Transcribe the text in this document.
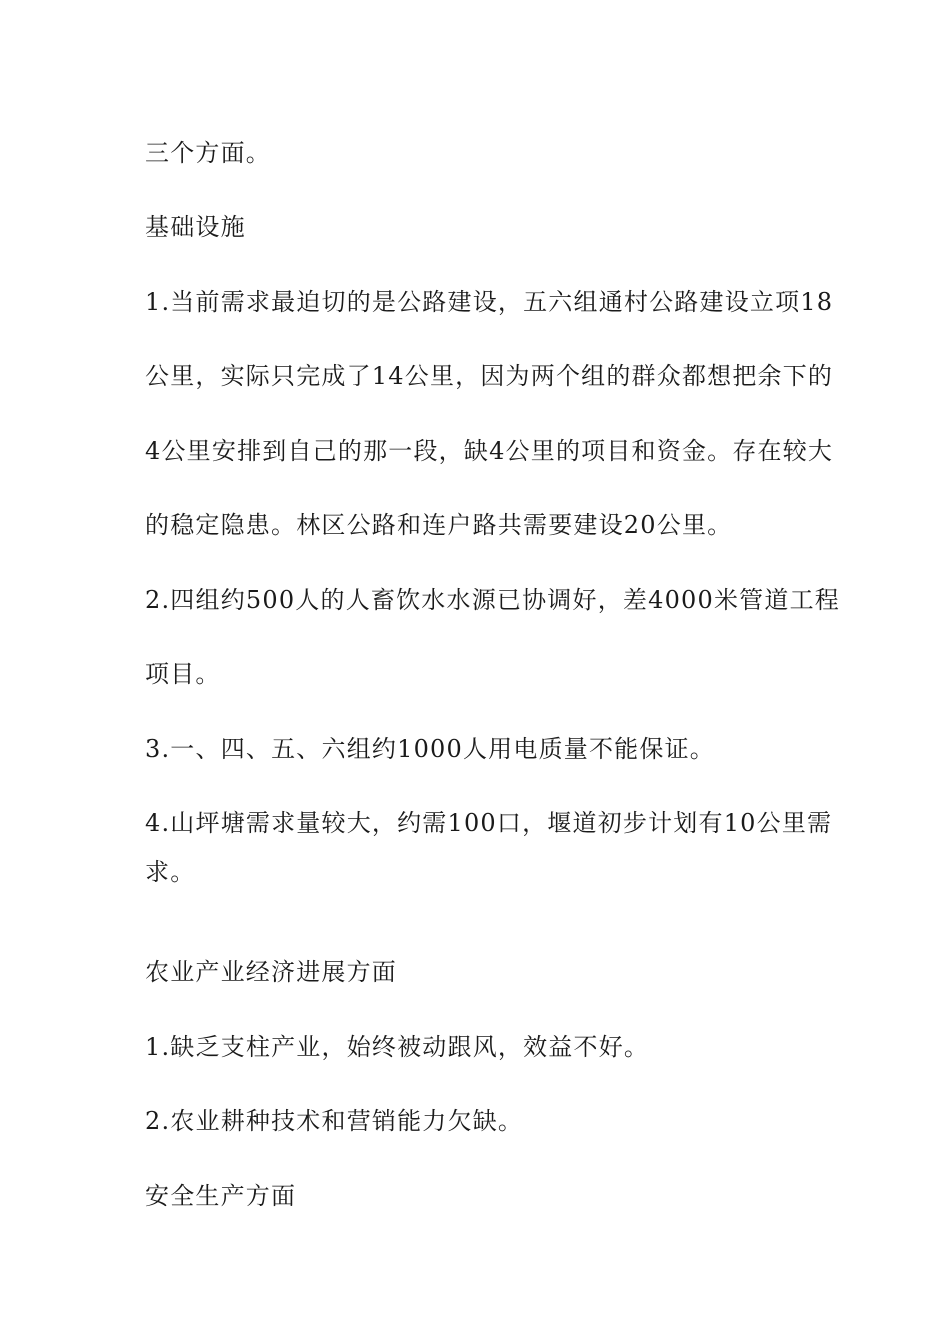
三个方面。
基础设施
1.当前需求最迫切的是公路建设，五六组通村公路建设立项18
公里，实际只完成了14公里，因为两个组的群众都想把余下的
4公里安排到自己的那一段，缺4公里的项目和资金。存在较大
的稳定隐患。林区公路和连户路共需要建设20公里。
2.四组约500人的人畜饮水水源已协调好，差4000米管道工程
项目。
3.一、四、五、六组约1000人用电质量不能保证。
4.山坪塘需求量较大，约需100口，堰道初步计划有10公里需
求。
农业产业经济进展方面
1.缺乏支柱产业，始终被动跟风，效益不好。
2.农业耕种技术和营销能力欠缺。
安全生产方面
